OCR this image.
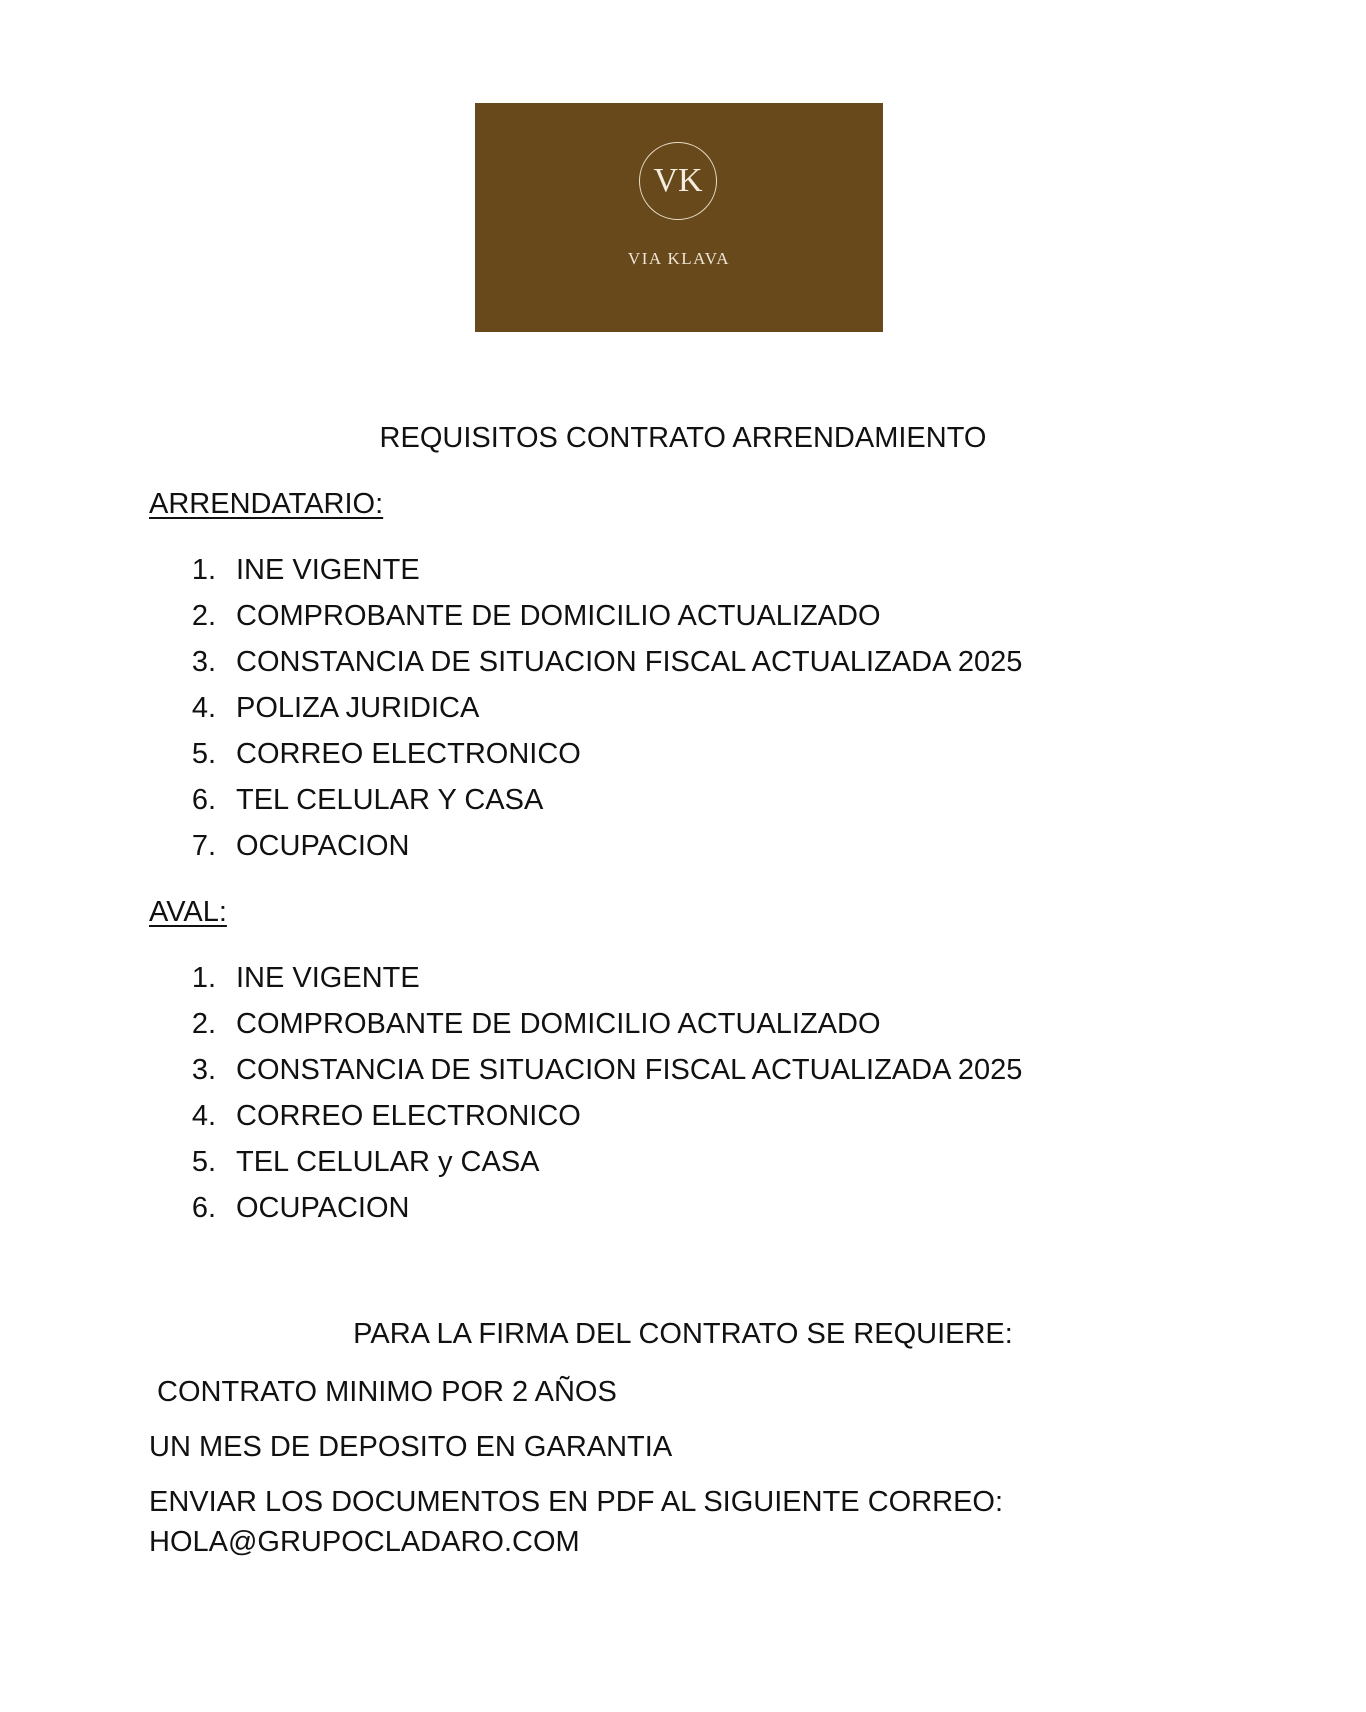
VK
VIA KLAVA
REQUISITOS CONTRATO ARRENDAMIENTO
ARRENDATARIO:
1. INE VIGENTE
2. COMPROBANTE DE DOMICILIO ACTUALIZADO
3. CONSTANCIA DE SITUACION FISCAL ACTUALIZADA 2025
4. POLIZA JURIDICA
5. CORREO ELECTRONICO
6. TEL CELULAR Y CASA
7. OCUPACION
AVAL:
1. INE VIGENTE
2. COMPROBANTE DE DOMICILIO ACTUALIZADO
3. CONSTANCIA DE SITUACION FISCAL ACTUALIZADA 2025
4. CORREO ELECTRONICO
5. TEL CELULAR y CASA
6. OCUPACION
PARA LA FIRMA DEL CONTRATO SE REQUIERE:
CONTRATO MINIMO POR 2 AÑOS
UN MES DE DEPOSITO EN GARANTIA
ENVIAR LOS DOCUMENTOS EN PDF AL SIGUIENTE CORREO:
HOLA@GRUPOCLADARO.COM
